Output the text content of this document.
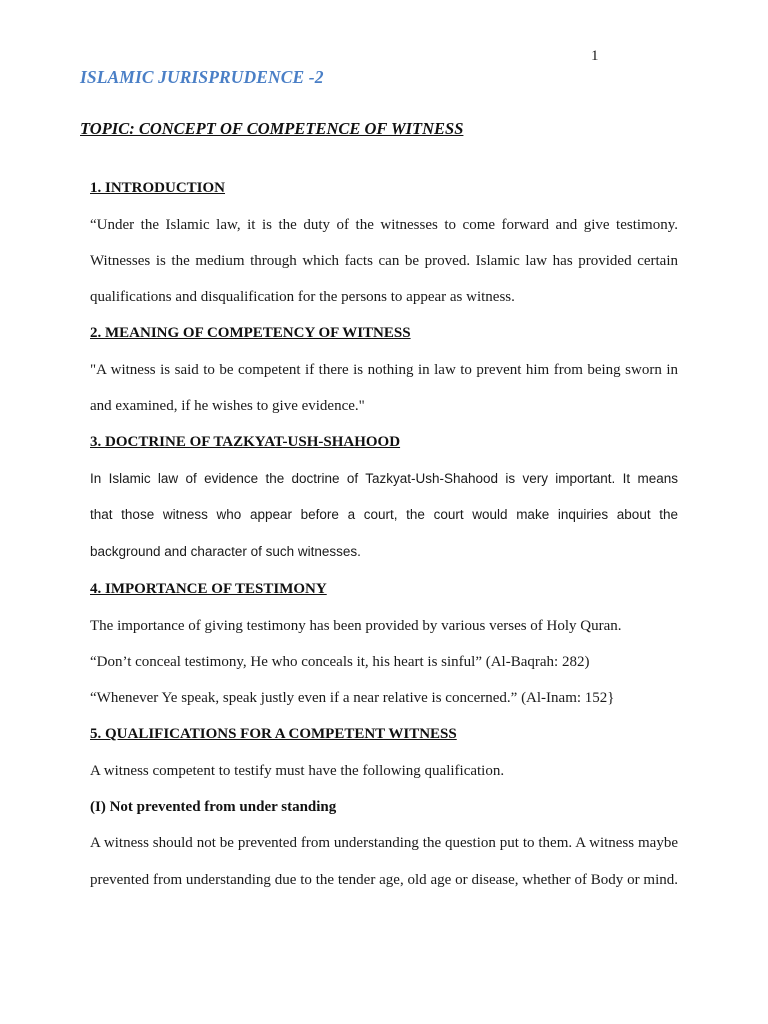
1
ISLAMIC JURISPRUDENCE -2
TOPIC: CONCEPT OF COMPETENCE OF WITNESS
1. INTRODUCTION
“Under the Islamic law, it is the duty of the witnesses to come forward and give testimony.
Witnesses is the medium through which facts can be proved. Islamic law has provided certain
qualifications and disqualification for the persons to appear as witness.
2. MEANING OF COMPETENCY OF WITNESS
"A witness is said to be competent if there is nothing in law to prevent him from being sworn in
and examined, if he wishes to give evidence."
3. DOCTRINE OF TAZKYAT-USH-SHAHOOD
In Islamic law of evidence the doctrine of Tazkyat-Ush-Shahood is very important. It means
that those witness who appear before a court, the court would make inquiries about the
background and character of such witnesses.
4. IMPORTANCE OF TESTIMONY
The importance of giving testimony has been provided by various verses of Holy Quran.
“Don’t conceal testimony, He who conceals it, his heart is sinful” (Al-Baqrah: 282)
“Whenever Ye speak, speak justly even if a near relative is concerned.” (Al-Inam: 152}
5. QUALIFICATIONS FOR A COMPETENT WITNESS
A witness competent to testify must have the following qualification.
(I) Not prevented from under standing
A witness should not be prevented from understanding the question put to them. A witness maybe
prevented from understanding due to the tender age, old age or disease, whether of Body or mind.
